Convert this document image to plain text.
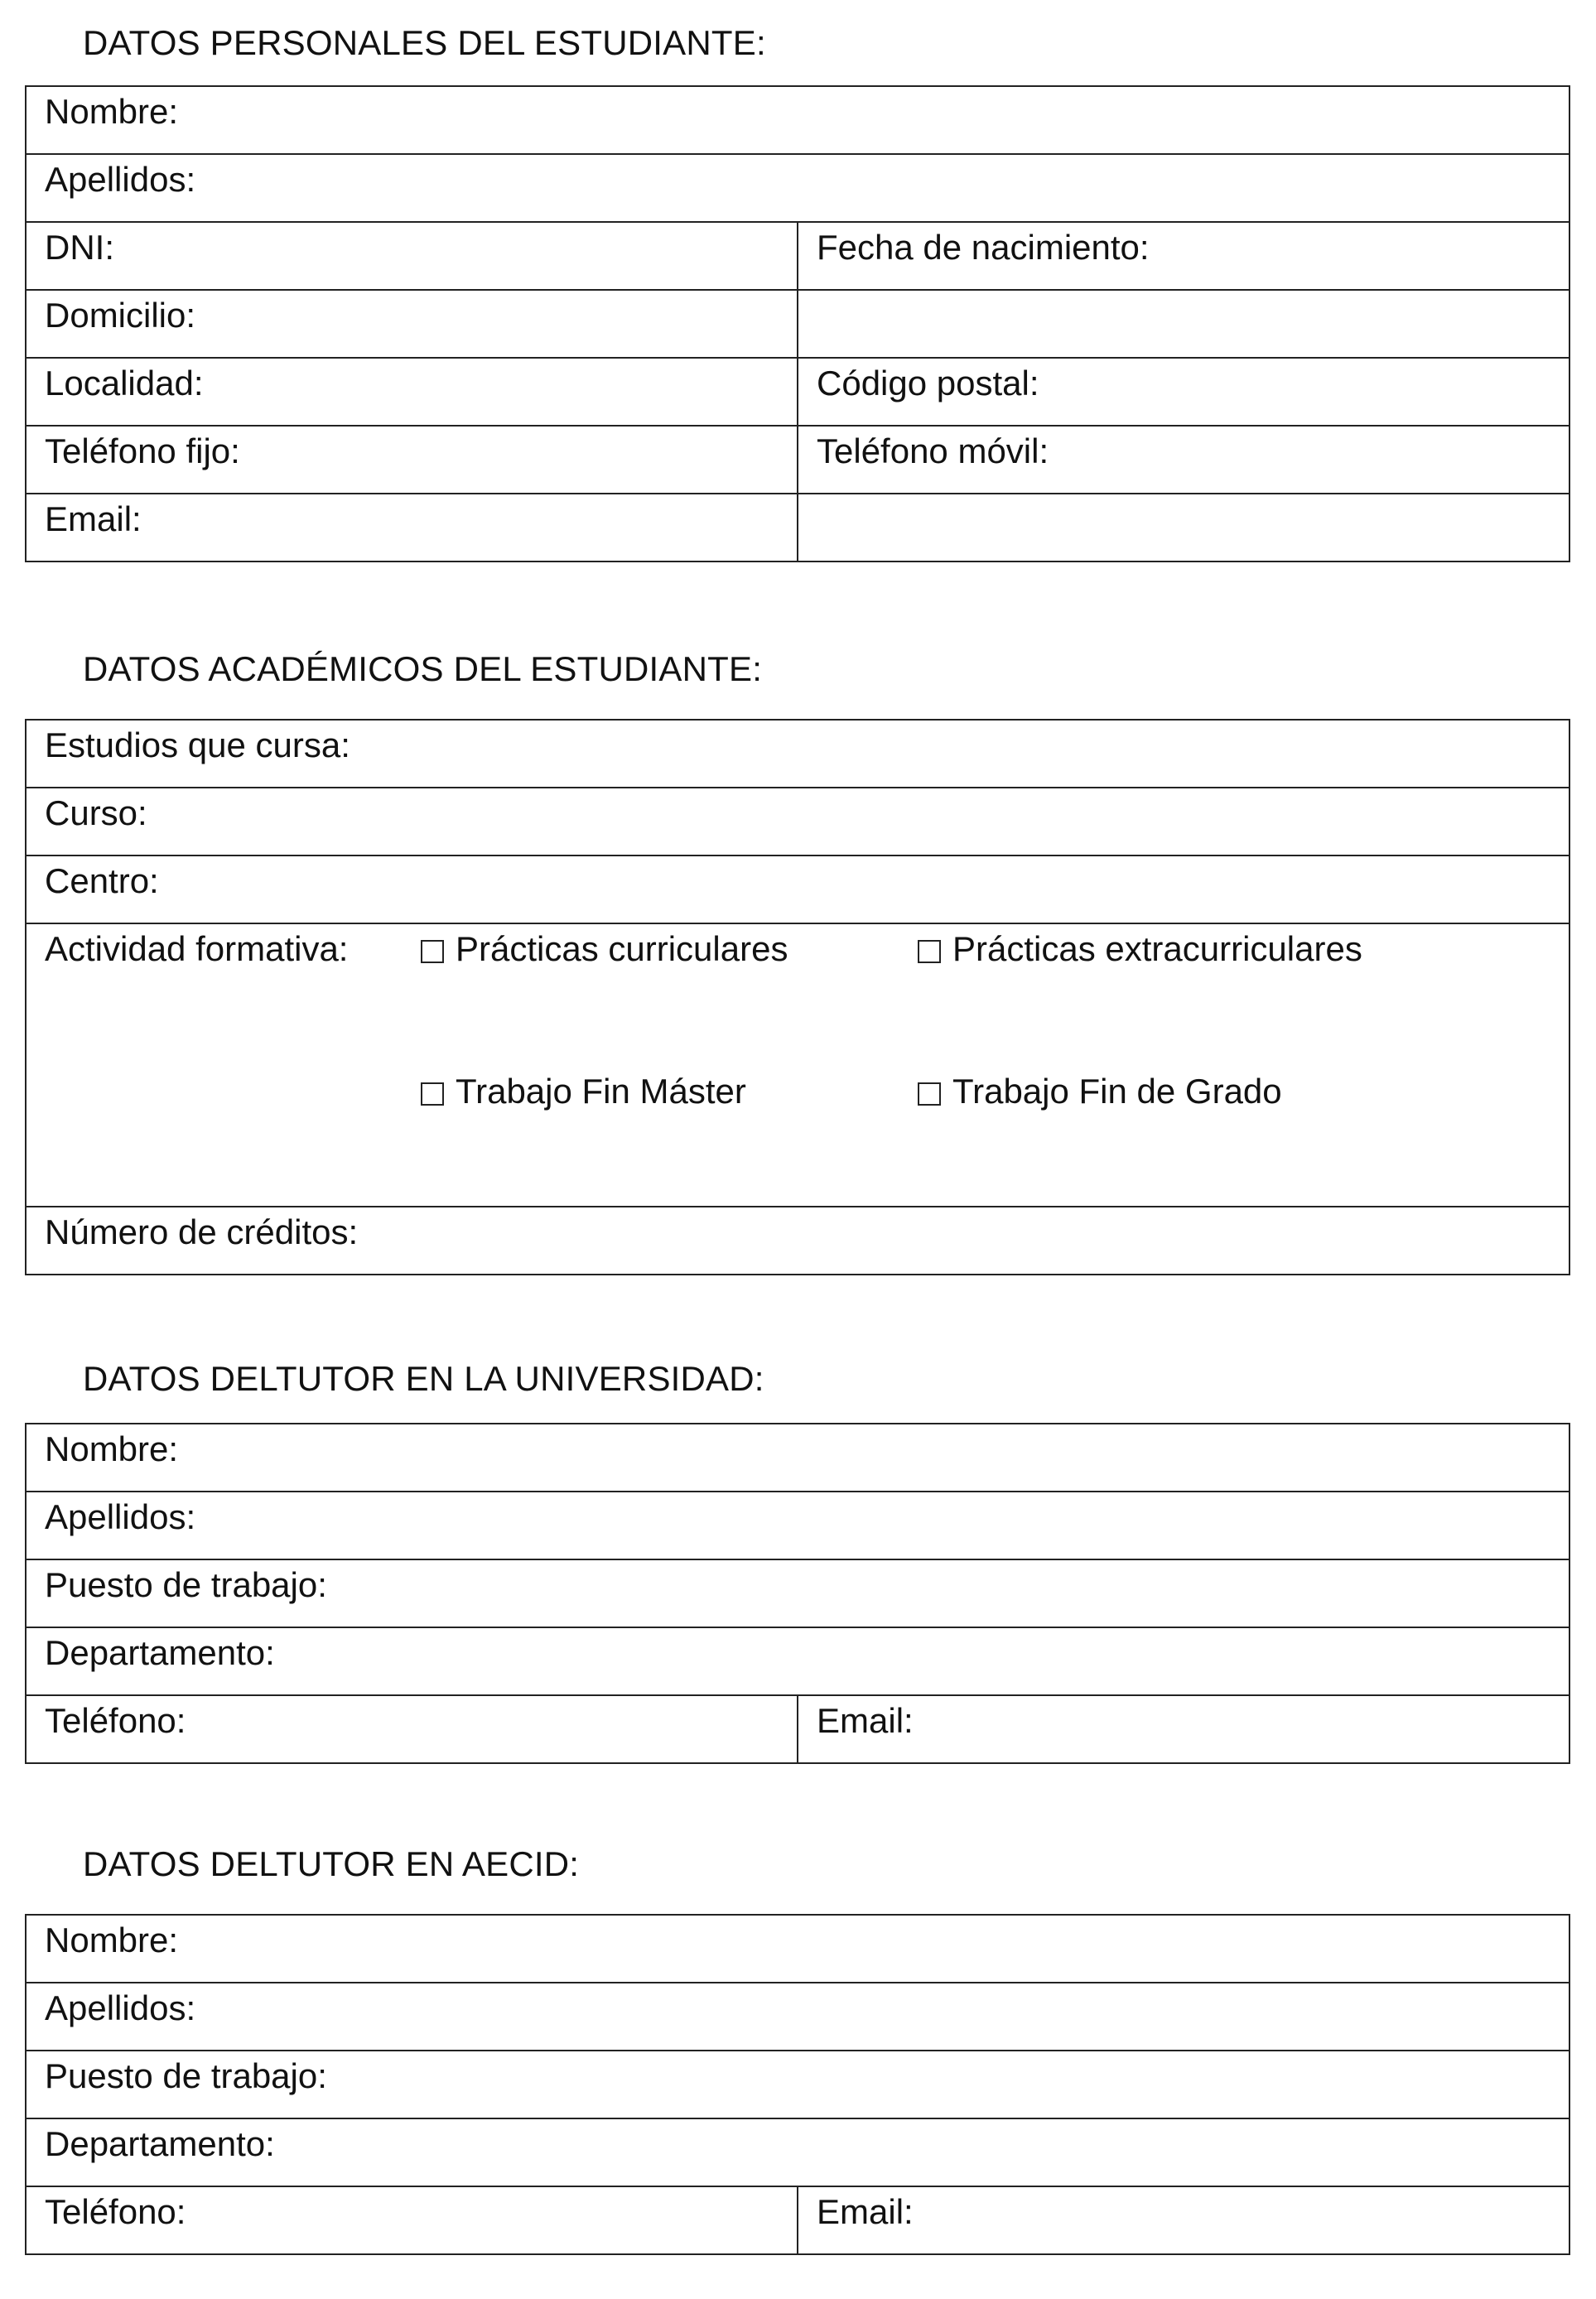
DATOS PERSONALES DEL ESTUDIANTE:
Nombre:	
Apellidos:	
DNI:	Fecha de nacimiento:
Domicilio:	
Localidad:	Código postal:
Teléfono fijo:	Teléfono móvil:
Email:	
DATOS ACADÉMICOS DEL ESTUDIANTE:
Estudios que cursa:
Curso:
Centro:

Actividad formativa:	Prácticas curriculares	Prácticas extracurriculares
Trabajo Fin Máster	Trabajo Fin de Grado

Número de créditos:
DATOS DELTUTOR EN LA UNIVERSIDAD:
Nombre:
Apellidos:
Puesto de trabajo:
Departamento:
Teléfono:	Email:
DATOS DELTUTOR EN AECID:
Nombre:
Apellidos:
Puesto de trabajo:
Departamento:
Teléfono:	Email:
